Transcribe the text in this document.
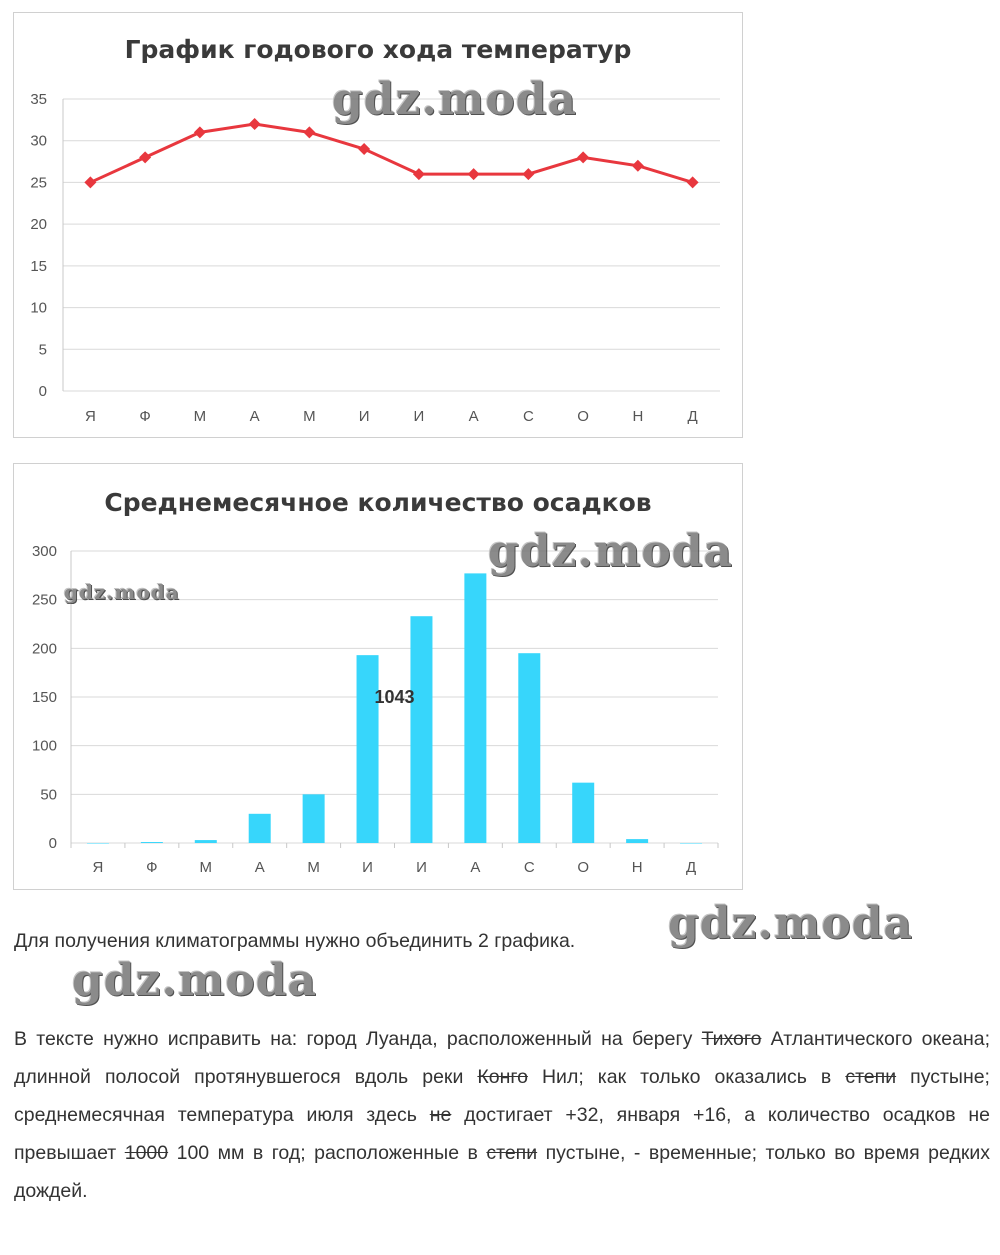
График годового хода температур
0
5
10
15
20
25
30
35
Я	Ф	М	А	М	И	И	А	С	О	Н	Д
Среднемесячное количество осадков
0
50
100
150
200
250
300
Я	Ф	М	А	М	И	И	А	С	О	Н	Д
1043
gdz.moda
gdz.moda
gdz.moda
gdz.moda
gdz.moda
Для получения климатограммы нужно объединить 2 графика.
В тексте нужно исправить на: город Луанда, расположенный на берегу Тихого Атлантического океана; длинной полосой протянувшегося вдоль реки Конго Нил; как только оказались в степи пустыне; среднемесячная температура июля здесь не достигает +32, января +16, а количество осадков не превышает 1000 100 мм в год; расположенные в степи пустыне, - временные; только во время редких дождей.
